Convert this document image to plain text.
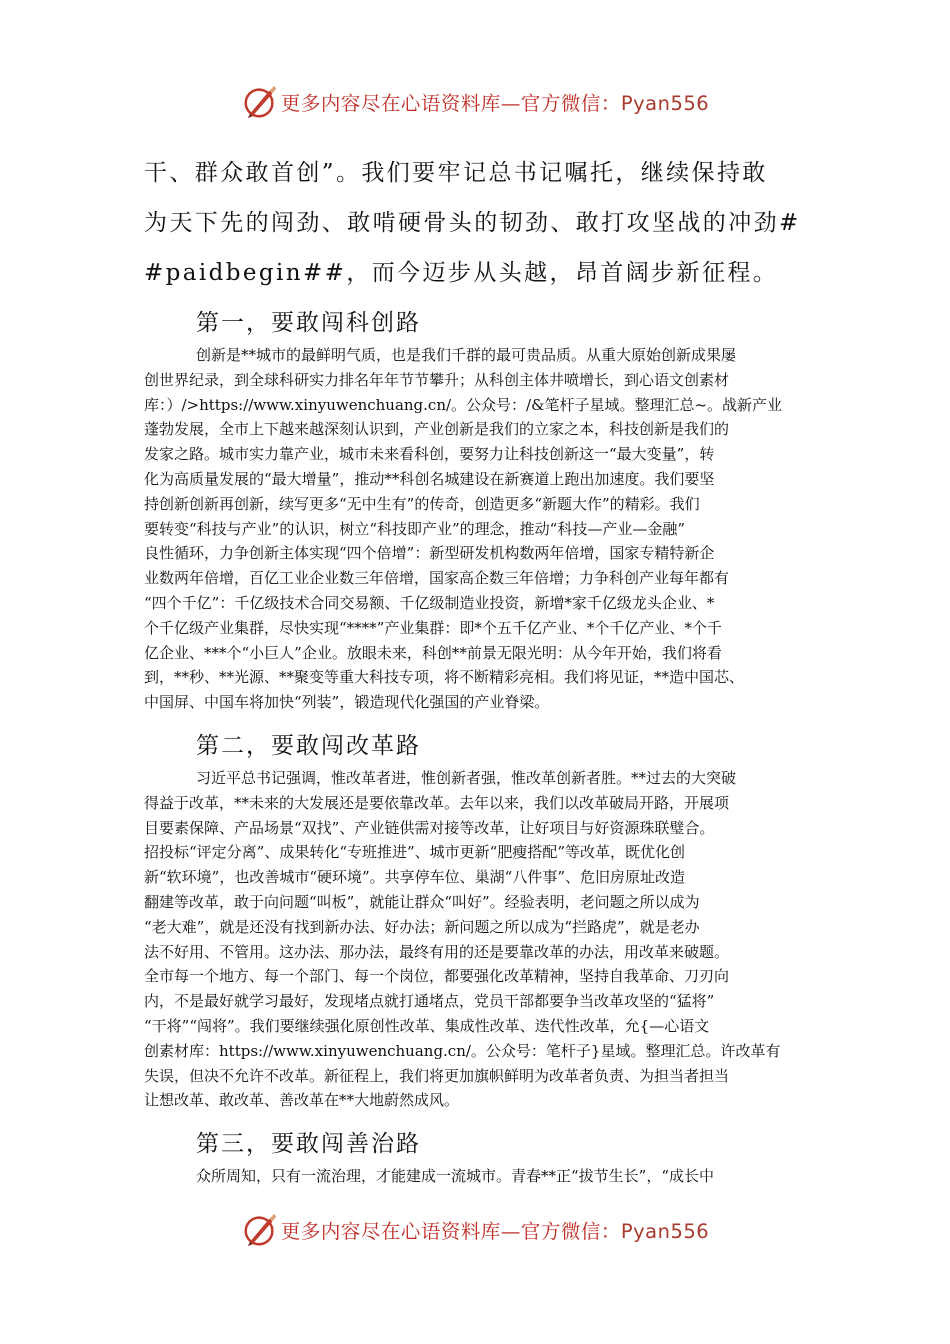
更多内容尽在心语资料库—官方微信：Pyan556

干、群众敢首创”。我们要牢记总书记嘱托，继续保持敢

为天下先的闯劲、敢啃硬骨头的韧劲、敢打攻坚战的冲劲#

#paidbegin##，而今迈步从头越，昂首阔步新征程。

第一，要敢闯科创路
创新是**城市的最鲜明气质，也是我们千群的最可贵品质。从重大原始创新成果屡
创世界纪录，到全球科研实力排名年年节节攀升；从科创主体井喷增长，到心语文创素材
库：）/>https://www.xinyuwenchuang.cn/。公众号：/&笔杆子星域。整理汇总~。战新产业
蓬勃发展，全市上下越来越深刻认识到，产业创新是我们的立家之本，科技创新是我们的
发家之路。城市实力靠产业，城市未来看科创，要努力让科技创新这一“最大变量”，转
化为高质量发展的“最大增量”，推动**科创名城建设在新赛道上跑出加速度。我们要坚
持创新创新再创新，续写更多“无中生有”的传奇，创造更多“新题大作”的精彩。我们
要转变“科技与产业”的认识，树立“科技即产业”的理念，推动“科技—产业—金融”
良性循环，力争创新主体实现“四个倍增”：新型研发机构数两年倍增，国家专精特新企
业数两年倍增，百亿工业企业数三年倍增，国家高企数三年倍增；力争科创产业每年都有
“四个千亿”：千亿级技术合同交易额、千亿级制造业投资，新增*家千亿级龙头企业、*
个千亿级产业集群，尽快实现“****”产业集群：即*个五千亿产业、*个千亿产业、*个千
亿企业、***个“小巨人”企业。放眼未来，科创**前景无限光明：从今年开始，我们将看
到，**秒、**光源、**聚变等重大科技专项，将不断精彩亮相。我们将见证，**造中国芯、
中国屏、中国车将加快“列装”，锻造现代化强国的产业脊梁。
第二，要敢闯改革路
习近平总书记强调，惟改革者进，惟创新者强，惟改革创新者胜。**过去的大突破
得益于改革，**未来的大发展还是要依靠改革。去年以来，我们以改革破局开路，开展项
目要素保障、产品场景“双找”、产业链供需对接等改革，让好项目与好资源珠联璧合。
招投标“评定分离”、成果转化“专班推进”、城市更新“肥瘦搭配”等改革，既优化创
新“软环境”，也改善城市“硬环境”。共享停车位、巢湖“八件事”、危旧房原址改造
翻建等改革，敢于向问题“叫板”，就能让群众“叫好”。经验表明，老问题之所以成为
“老大难”，就是还没有找到新办法、好办法；新问题之所以成为“拦路虎”，就是老办
法不好用、不管用。这办法、那办法，最终有用的还是要靠改革的办法，用改革来破题。
全市每一个地方、每一个部门、每一个岗位，都要强化改革精神，坚持自我革命、刀刃向
内，不是最好就学习最好，发现堵点就打通堵点，党员干部都要争当改革攻坚的“猛将”
“干将”“闯将”。我们要继续强化原创性改革、集成性改革、迭代性改革，允{—心语文
创素材库：https://www.xinyuwenchuang.cn/。公众号：笔杆子}星域。整理汇总。许改革有
失误，但决不允许不改革。新征程上，我们将更加旗帜鲜明为改革者负责、为担当者担当
让想改革、敢改革、善改革在**大地蔚然成风。
第三，要敢闯善治路
众所周知，只有一流治理，才能建成一流城市。青春**正“拔节生长”，“成长中
更多内容尽在心语资料库—官方微信：Pyan556
